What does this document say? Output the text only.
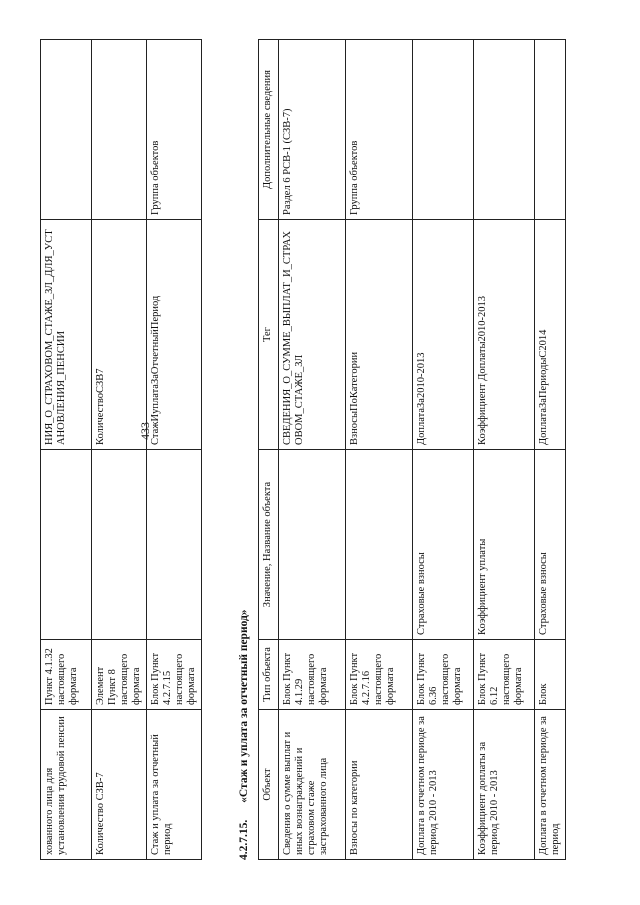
433
хованного лица для установления трудовой пенсии	Пункт 4.1.32 настоящего формата		НИЯ_О_СТРАХОВОМ_СТАЖЕ_ЗЛ_ДЛЯ_УСТАНОВЛЕНИЯ_ПЕНСИИ	
Количество СЗВ-7	Элемент Пункт 8 настоящего формата		КоличествоСЗВ7	
Стаж и уплата за отчетный период	Блок Пункт 4.2.7.15 настоящего формата		СтажИуплатаЗаОтчетныйПериод	Группа объектов
4.2.7.15. «Стаж и уплата за отчетный период» Объект	Тип объекта	Значение, Название объекта	Тег	Дополнительные сведения
Сведения о сумме выплат и иных вознаграждений и страховом стаже застрахованного лица	Блок Пункт 4.1.29 настоящего формата		СВЕДЕНИЯ_О_СУММЕ_ВЫПЛАТ_И_СТРАХОВОМ_СТАЖЕ_ЗЛ	Раздел 6 РСВ-1 (СЗВ-7)
Взносы по категории	Блок Пункт 4.2.7.16 настоящего формата		ВзносыПоКатегории	Группа объектов
Доплата в отчетном периоде за период 2010 - 2013	Блок Пункт 6.36 настоящего формата	Страховые взносы	ДоплатаЗа2010-2013	
Коэффициент доплаты за период 2010 - 2013	Блок Пункт 6.12 настоящего формата	Коэффициент уплаты	Коэффициент Доплаты2010-2013	
Доплата в отчетном периоде за период	Блок	Страховые взносы	ДоплатаЗаПериодыС2014	
